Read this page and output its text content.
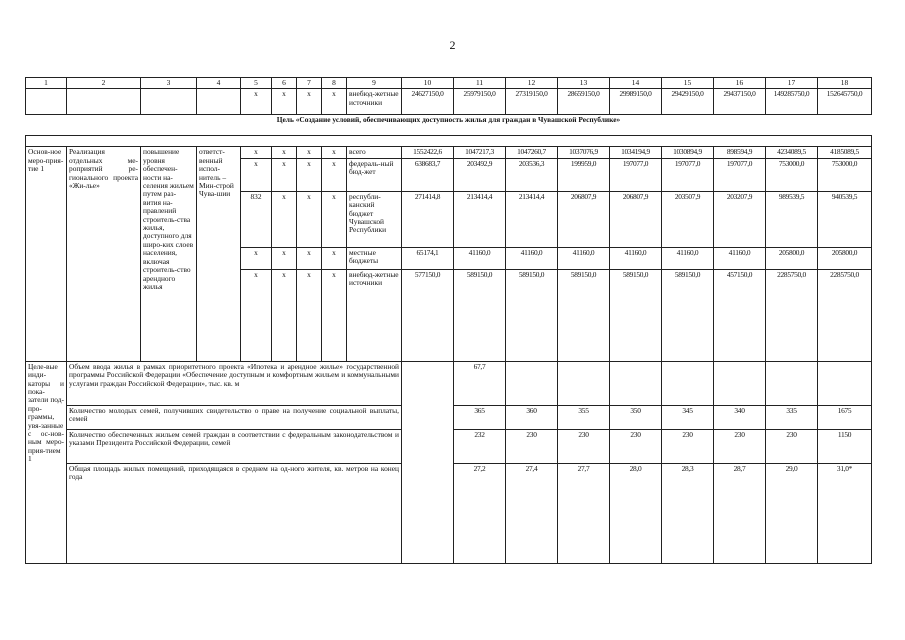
2
1	2	3	4	5	6	7	8	9	10	11	12	13	14	15	16	17	18	
				x	x	x	x	внебюд-жетные источники	24627150,0	25979150,0	27319150,0	28659150,0	29989150,0	29429150,0	29437150,0	149285750,0	152645750,0	
Цель «Создание условий, обеспечивающих доступность жилья для граждан в Чувашской Республике»																		

Основ-ное меро-прия-тие 1	Реализация отдельных ме-роприятий ре-гионального проекта «Жи-лье»	повышение уровня обеспечен-ности на-селения жильем путем раз-вития на-правлений строитель-ства жилья, доступного для широ-ких слоев населения, включая строитель-ство арендного жилья	ответст-венный испол-нитель – Мин-строй Чува-шии	x	x	x	x	всего	1552422,6	1047217,3	1047260,7	1037076,9	1034194,9	1030894,9	898594,9	4234089,5	4185089,5	
				x	x	x	x	федераль-ный бюд-жет	638683,7	203492,9	203536,3	199959,0	197077,0	197077,0	197077,0	753000,0	753000,0	
				832	x	x	x	республи-канский бюджет Чувашской Республики	271414,8	213414,4	213414,4	206807,9	206807,9	203507,9	203207,9	989539,5	940539,5	
				x	x	x	x	местные бюджеты	65174,1	41160,0	41160,0	41160,0	41160,0	41160,0	41160,0	205800,0	205800,0	
				x	x	x	x	внебюд-жетные источники	577150,0	589150,0	589150,0	589150,0	589150,0	589150,0	457150,0	2285750,0	2285750,0	
Целе-вые инди-каторы и пока-затели под-про-граммы, увя-занные с ос-нов-ным меро-прия-тием 1	Объем ввода жилья в рамках приоритетного проекта «Ипотека и арендное жилье» государственной программы Российской Федерации «Обеспечение доступным и комфортным жильем и коммунальными услугами граждан Российской Федерации», тыс. кв. м									67,7								
	Количество молодых семей, получивших свидетельство о праве на получение социальной выплаты, семей									365	360	355	350	345	340	335	1675	
	Количество обеспеченных жильем семей граждан в соответствии с федеральным законодательством и указами Президента Российской Федерации, семей									232	230	230	230	230	230	230	1150	
	Общая площадь жилых помещений, приходящаяся в среднем на од-ного жителя, кв. метров на конец года									27,2	27,4	27,7	28,0	28,3	28,7	29,0	31,0*	
